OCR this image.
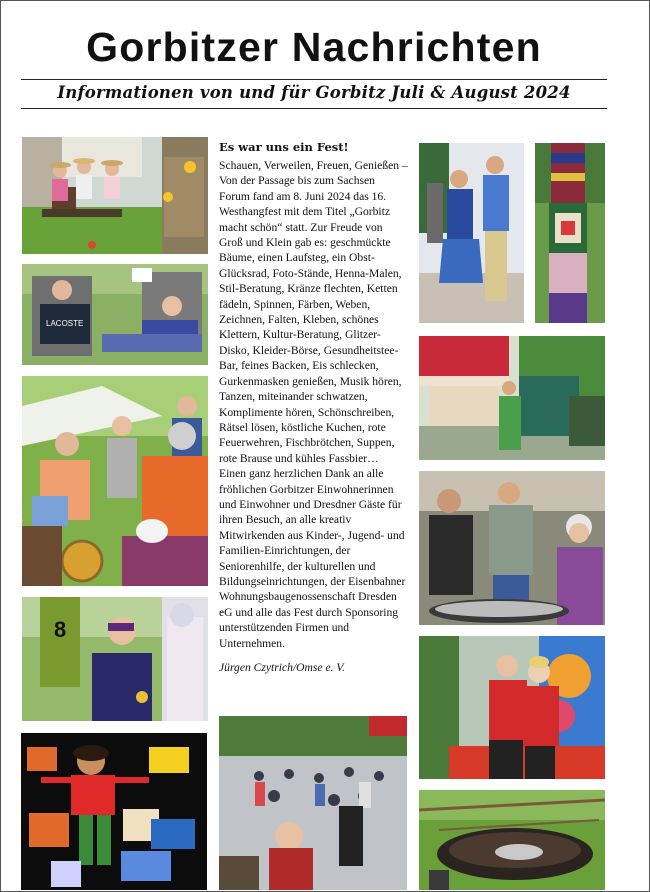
Gorbitzer Nachrichten
Informationen von und für Gorbitz Juli & August 2024
LACOSTE
8
Es war uns ein Fest!

Schauen, Verweilen, Freuen, Genießen – Von der Passage bis zum Sachsen Forum fand am 8. Juni 2024 das 16. Westhangfest mit dem Titel „Gorbitz macht schön“ statt. Zur Freude von Groß und Klein gab es: geschmückte Bäume, einen Laufsteg, ein Obst-Glücksrad, Foto-Stände, Henna-Malen, Stil-Beratung, Kränze flechten, Ketten fädeln, Spinnen, Färben, Weben, Zeichnen, Falten, Kleben, schönes Klettern, Kultur-Beratung, Glitzer-Disko, Kleider-Börse, Gesundheitstee-Bar, feines Backen, Eis schlecken, Gurkenmasken genießen, Musik hören, Tanzen, miteinander schwatzen, Komplimente hören, Schönschreiben, Rätsel lösen, köstliche Kuchen, rote Feuerwehren, Fischbrötchen, Suppen, rote Brause und kühles Fassbier…

Einen ganz herzlichen Dank an alle fröhlichen Gorbitzer Einwohnerinnen und Einwohner und Dresdner Gäste für ihren Besuch, an alle kreativ Mitwirkenden aus Kinder-, Jugend- und Familien-Einrichtungen, der Seniorenhilfe, der kulturellen und Bildungseinrichtungen, der Eisenbahner Wohnungsbaugenossenschaft Dresden eG und alle das Fest durch Sponsoring unterstützenden Firmen und Unternehmen.

Jürgen Czytrich/Omse e. V.
